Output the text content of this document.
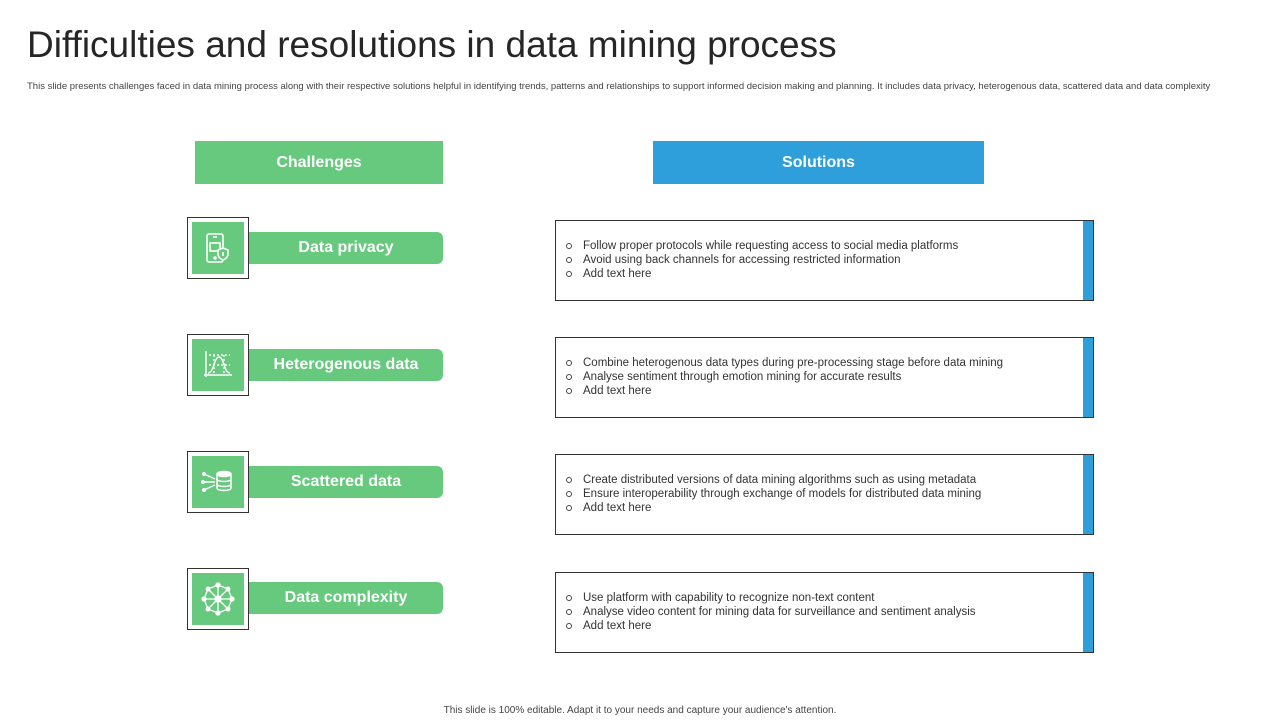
Difficulties and resolutions in data mining process

This slide presents challenges faced in data mining process along with their respective solutions helpful in identifying trends, patterns and relationships to support informed decision making and planning. It includes data privacy, heterogenous data, scattered data and data complexity

Challenges	Solutions
Data privacy	Follow proper protocols while requesting access to social media platforms
Avoid using back channels for accessing restricted information
Add text here
Heterogenous data	Combine heterogenous data types during pre-processing stage before data mining
Analyse sentiment through emotion mining for accurate results
Add text here
Scattered data	Create distributed versions of data mining algorithms such as using metadata
Ensure interoperability through exchange of models for distributed data mining
Add text here
Data complexity	Use platform with capability to recognize non-text content
Analyse video content for mining data for surveillance and sentiment analysis
Add text here
This slide is 100% editable. Adapt it to your needs and capture your audience's attention.
